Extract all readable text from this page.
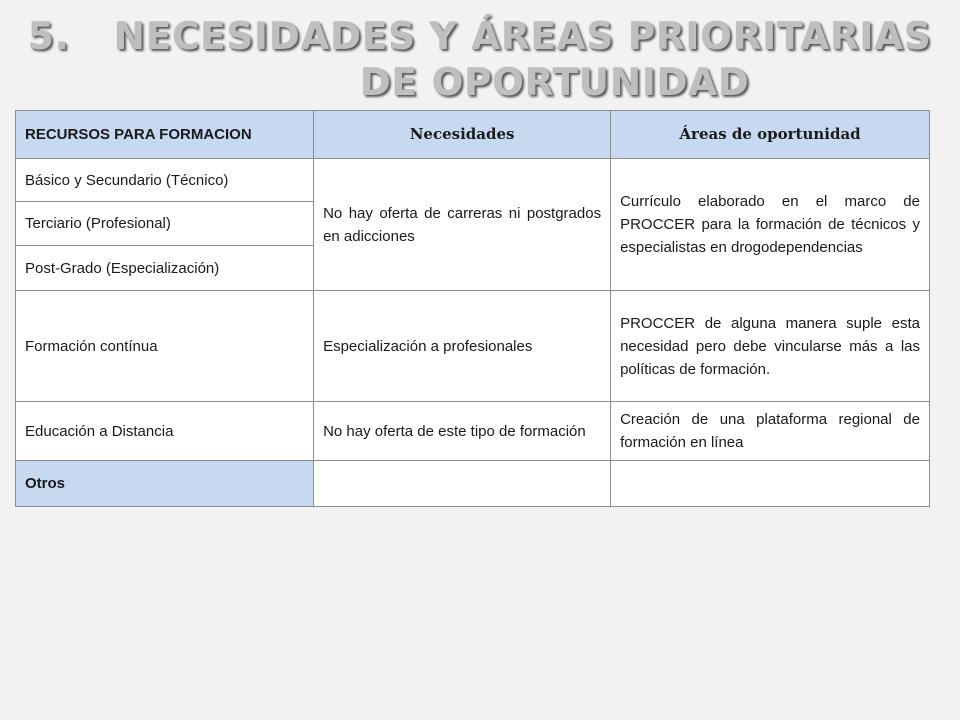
5. NECESIDADES Y ÁREAS PRIORITARIAS
DE OPORTUNIDAD
RECURSOS PARA FORMACION	Necesidades	Áreas de oportunidad
Básico y Secundario (Técnico)	No hay oferta de carreras ni postgrados en adicciones	Currículo elaborado en el marco de PROCCER para la formación de técnicos y especialistas en drogodependencias
Terciario (Profesional)		
Post-Grado (Especialización)		
Formación contínua	Especialización a profesionales	PROCCER de alguna manera suple esta necesidad pero debe vincularse más a las políticas de formación.
Educación a Distancia	No hay oferta de este tipo de formación	Creación de una plataforma regional de formación en línea
Otros		
